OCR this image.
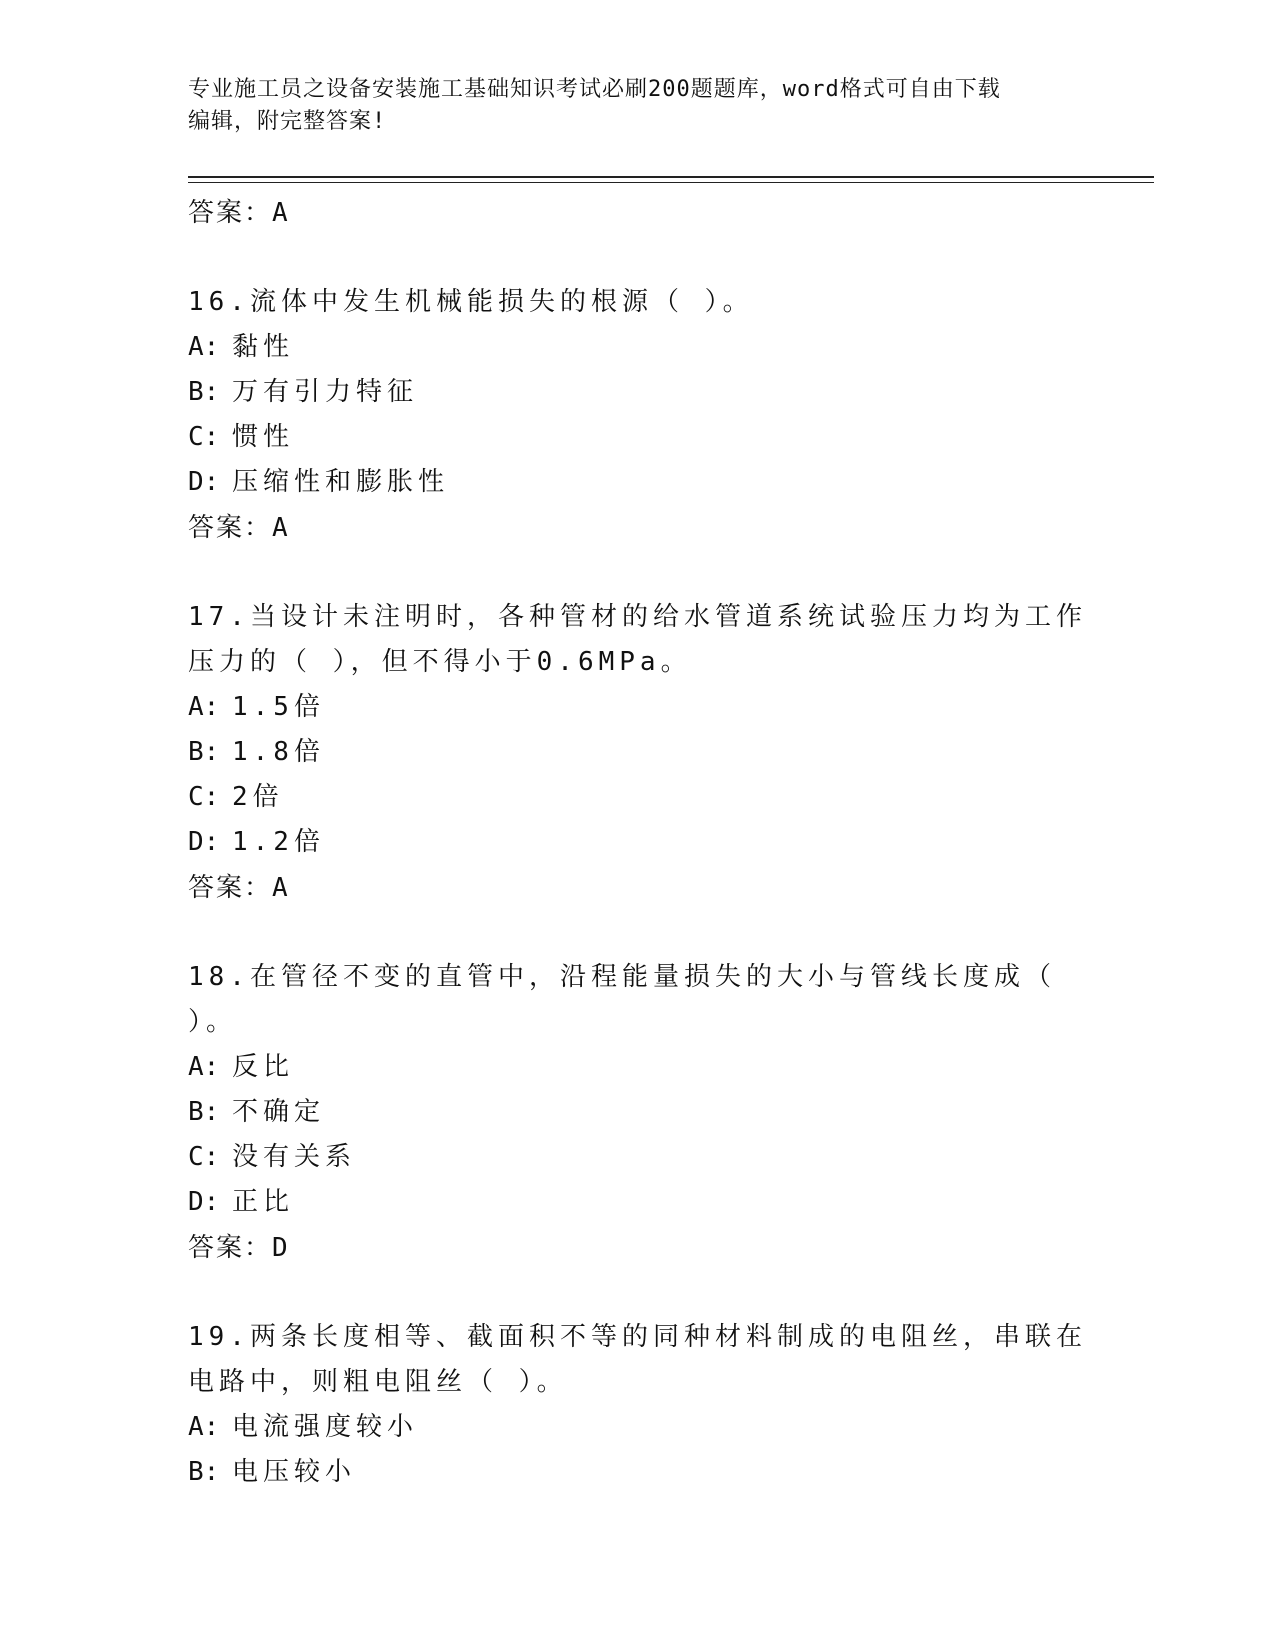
专业施工员之设备安装施工基础知识考试必刷200题题库，word格式可自由下载
编辑，附完整答案!
答案：A
16.流体中发生机械能损失的根源（ ）。
A: 黏性
B: 万有引力特征
C: 惯性
D: 压缩性和膨胀性
答案：A
17.当设计未注明时，各种管材的给水管道系统试验压力均为工作压力的（ ），但不得小于0.6MPa。
A: 1.5倍
B: 1.8倍
C: 2倍
D: 1.2倍
答案：A
18.在管径不变的直管中，沿程能量损失的大小与管线长度成（ ）。
A: 反比
B: 不确定
C: 没有关系
D: 正比
答案：D
19.两条长度相等、截面积不等的同种材料制成的电阻丝，串联在电路中，则粗电阻丝（ ）。
A: 电流强度较小
B: 电压较小
